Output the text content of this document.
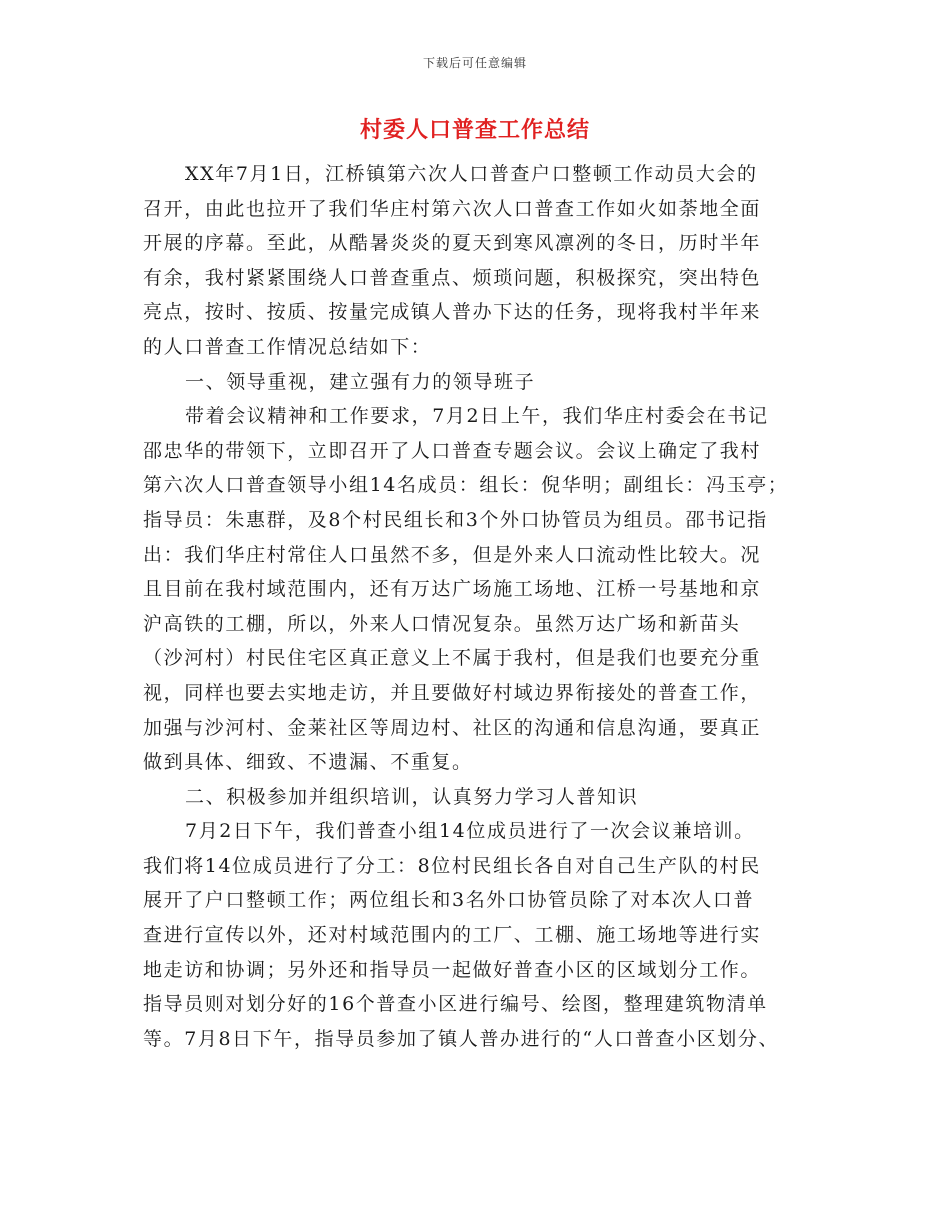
下载后可任意编辑
村委人口普查工作总结
XX年7月1日，江桥镇第六次人口普查户口整顿工作动员大会的
召开，由此也拉开了我们华庄村第六次人口普查工作如火如荼地全面
开展的序幕。至此，从酷暑炎炎的夏天到寒风凛冽的冬日，历时半年
有余，我村紧紧围绕人口普查重点、烦琐问题，积极探究，突出特色
亮点，按时、按质、按量完成镇人普办下达的任务，现将我村半年来
的人口普查工作情况总结如下：
一、领导重视，建立强有力的领导班子
带着会议精神和工作要求，7月2日上午，我们华庄村委会在书记
邵忠华的带领下，立即召开了人口普查专题会议。会议上确定了我村
第六次人口普查领导小组14名成员：组长：倪华明；副组长：冯玉亭；
指导员：朱惠群，及8个村民组长和3个外口协管员为组员。邵书记指
出：我们华庄村常住人口虽然不多，但是外来人口流动性比较大。况
且目前在我村域范围内，还有万达广场施工场地、江桥一号基地和京
沪高铁的工棚，所以，外来人口情况复杂。虽然万达广场和新苗头
（沙河村）村民住宅区真正意义上不属于我村，但是我们也要充分重
视，同样也要去实地走访，并且要做好村域边界衔接处的普查工作，
加强与沙河村、金莱社区等周边村、社区的沟通和信息沟通，要真正
做到具体、细致、不遗漏、不重复。
二、积极参加并组织培训，认真努力学习人普知识
7月2日下午，我们普查小组14位成员进行了一次会议兼培训。
我们将14位成员进行了分工：8位村民组长各自对自己生产队的村民
展开了户口整顿工作；两位组长和3名外口协管员除了对本次人口普
查进行宣传以外，还对村域范围内的工厂、工棚、施工场地等进行实
地走访和协调；另外还和指导员一起做好普查小区的区域划分工作。
指导员则对划分好的16个普查小区进行编号、绘图，整理建筑物清单
等。7月8日下午，指导员参加了镇人普办进行的“人口普查小区划分、
